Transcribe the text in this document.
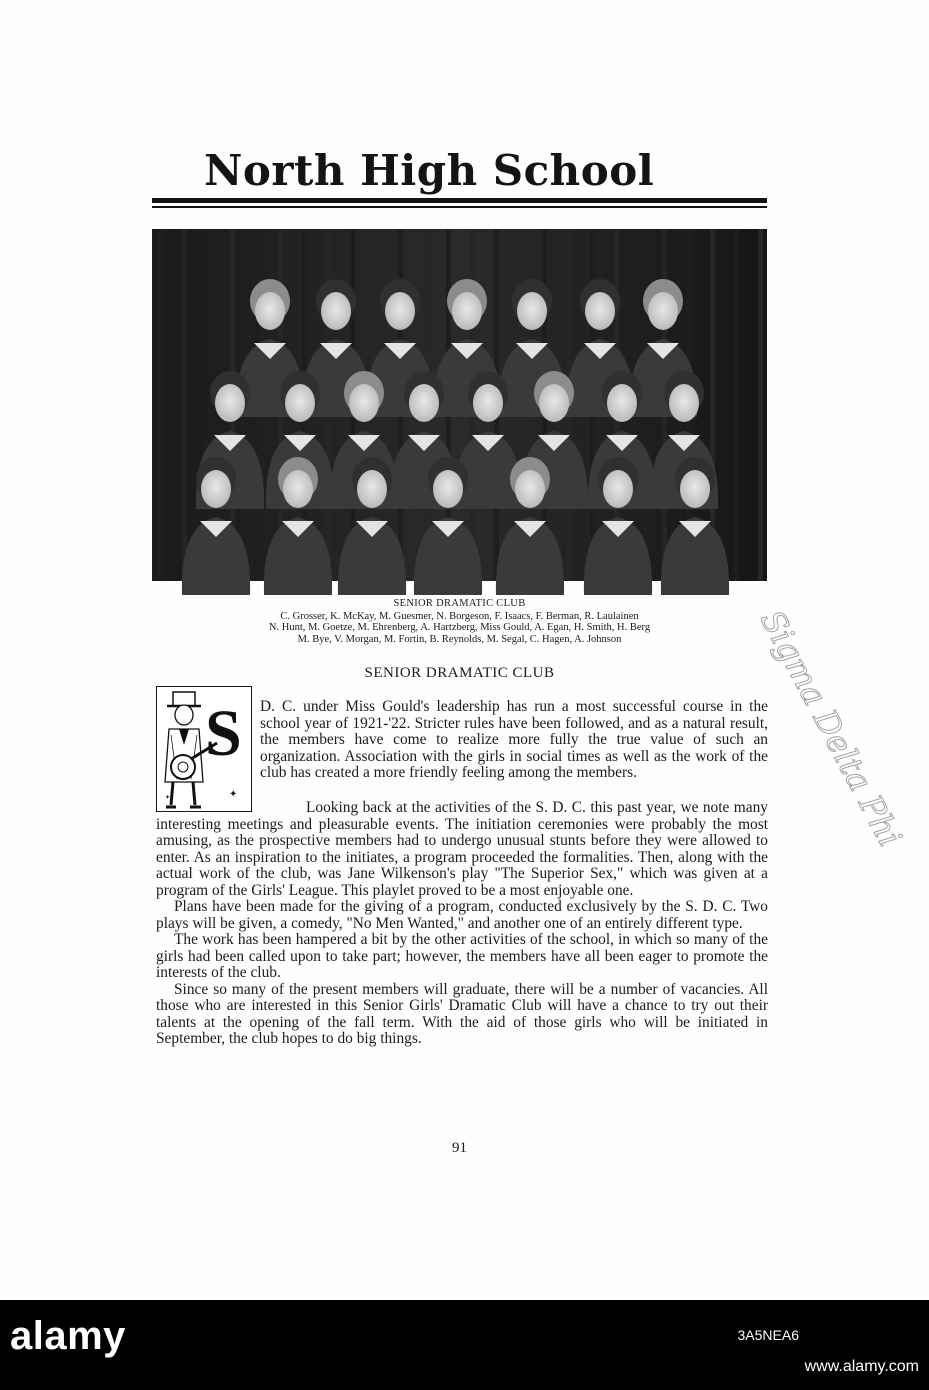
North High School
SENIOR DRAMATIC CLUB
C. Grosser, K. McKay, M. Guesmer, N. Borgeson, F. Isaacs, F. Berman, R. Laulainen
N. Hunt, M. Goetze, M. Ehrenberg, A. Hartzberg, Miss Gould, A. Egan, H. Smith, H. Berg
M. Bye, V. Morgan, M. Fortin, B. Reynolds, M. Segal, C. Hagen, A. Johnson
SENIOR DRAMATIC CLUB
✦
✦
S D. C. under Miss Gould's leadership has run a most successful course in the school year of 1921-'22. Stricter rules have been followed, and as a natural result, the members have come to realize more fully the true value of such an organization. Association with the girls in social times as well as the work of the club has created a more friendly feeling among the members.

Looking back at the activities of the S. D. C. this past year, we note many interesting meetings and pleasurable events. The initiation ceremonies were probably the most amusing, as the prospective members had to undergo unusual stunts before they were allowed to enter. As an inspiration to the initiates, a program proceeded the formalities. Then, along with the actual work of the club, was Jane Wilkenson's play "The Superior Sex," which was given at a program of the Girls' League. This playlet proved to be a most enjoyable one.

Plans have been made for the giving of a program, conducted exclusively by the S. D. C. Two plays will be given, a comedy, "No Men Wanted," and another one of an entirely different type.

The work has been hampered a bit by the other activities of the school, in which so many of the girls had been called upon to take part; however, the members have all been eager to promote the interests of the club.

Since so many of the present members will graduate, there will be a number of vacancies. All those who are interested in this Senior Girls' Dramatic Club will have a chance to try out their talents at the opening of the fall term. With the aid of those girls who will be initiated in September, the club hopes to do big things.

91
Sigma Delta Phi
alamy	3A5NEA6
www.alamy.com
